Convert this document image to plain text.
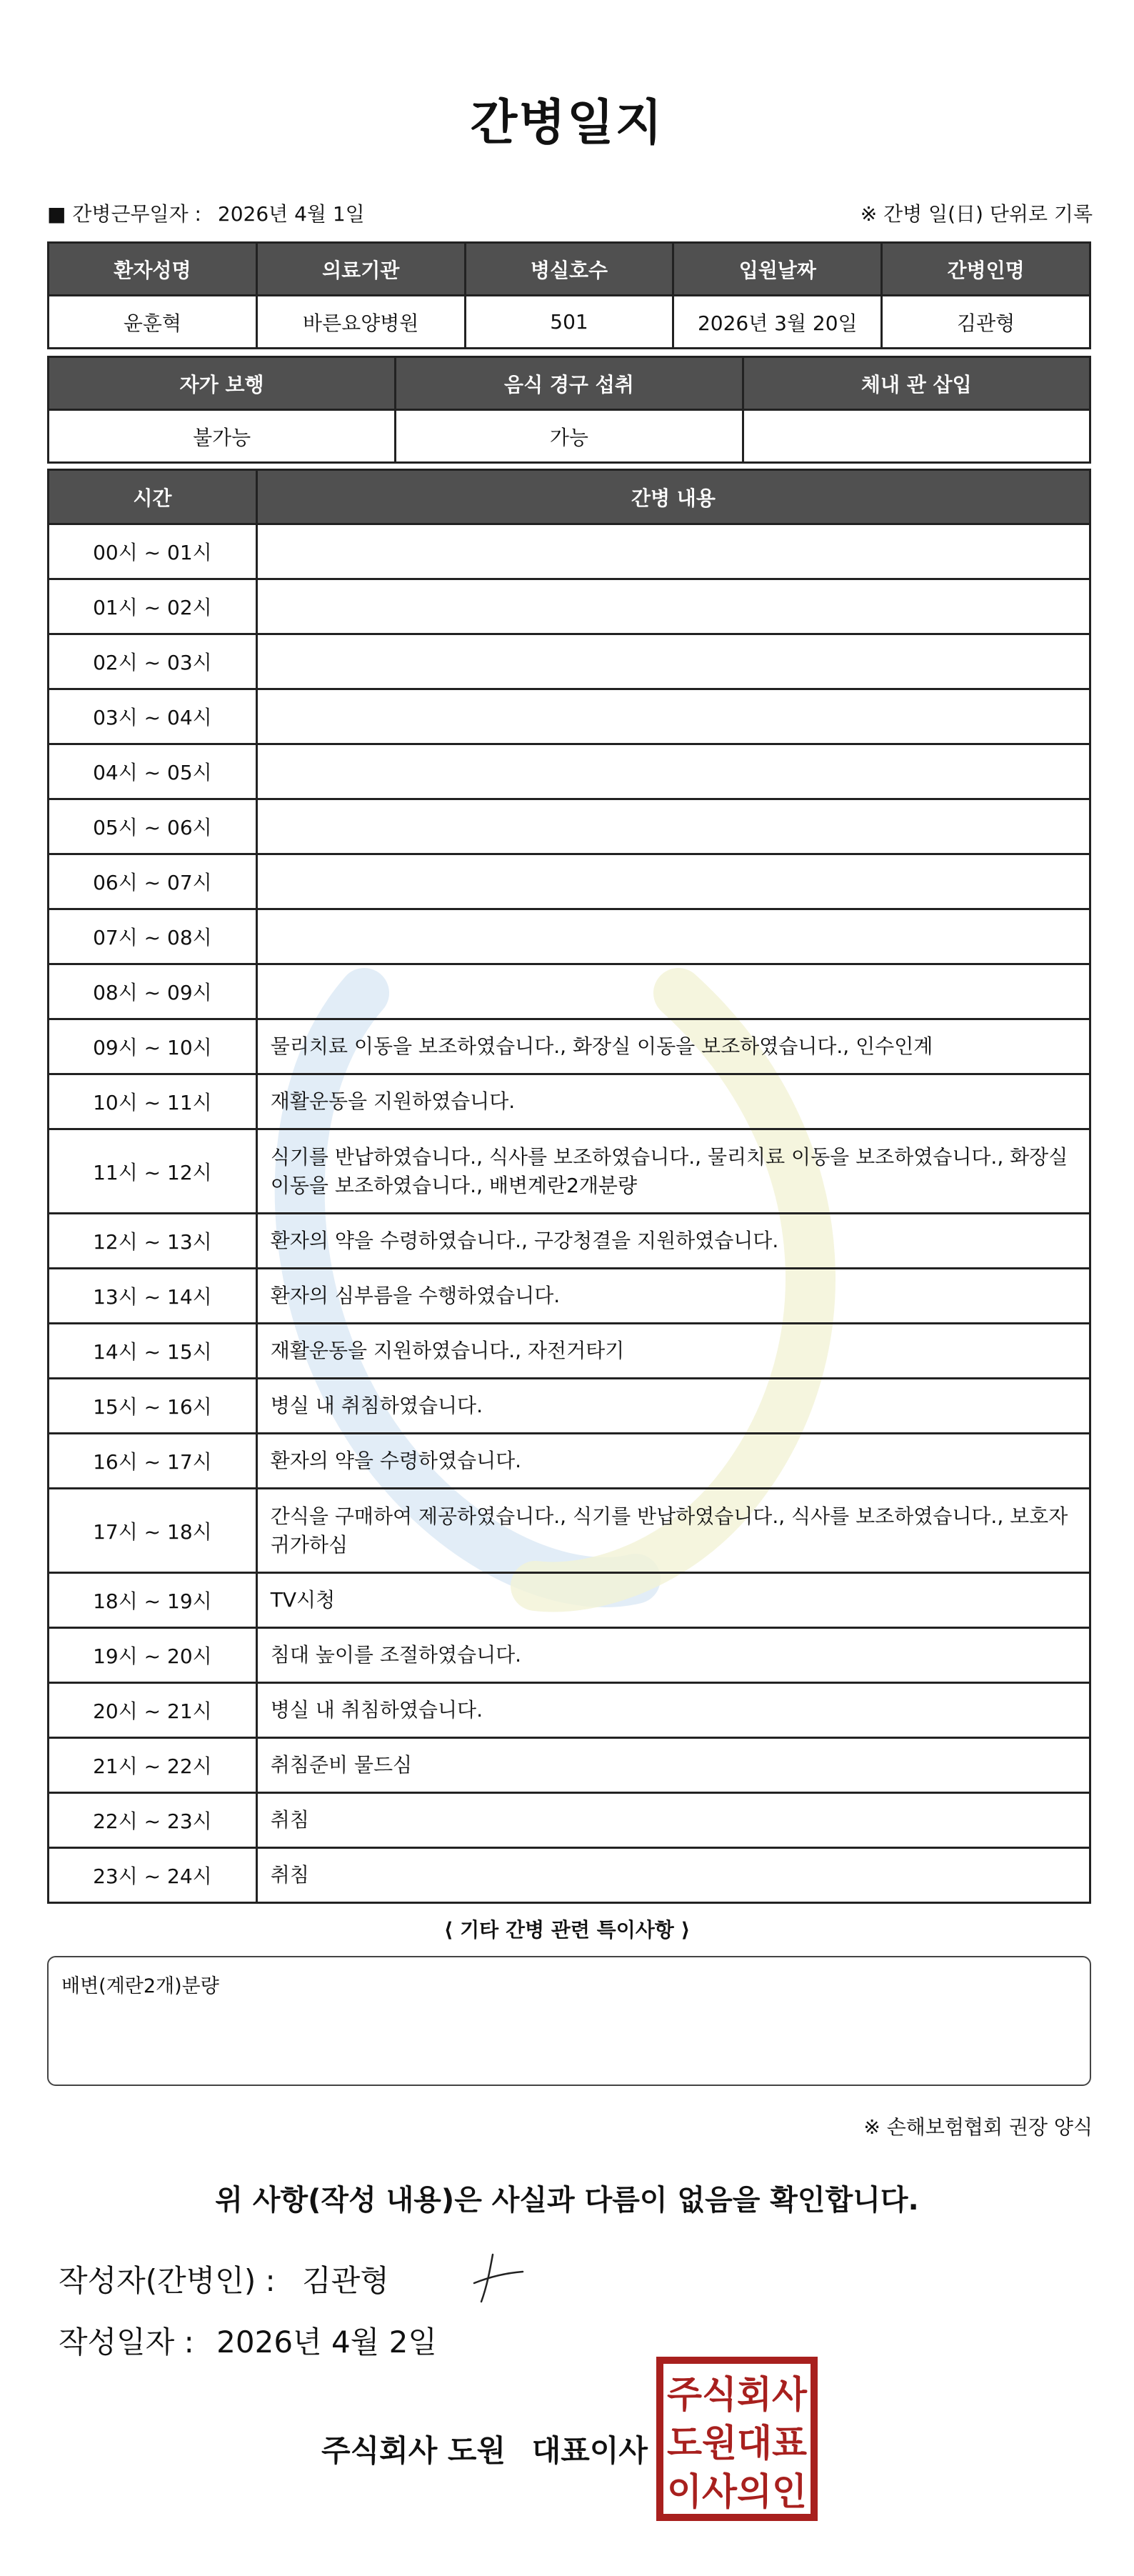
간병일지
■ 간병근무일자 : 2026년 4월 1일	※ 간병 일(日) 단위로 기록
환자성명	의료기관	병실호수	입원날짜	간병인명
윤훈혁	바른요양병원	501	2026년 3월 20일	김관형
자가 보행	음식 경구 섭취	체내 관 삽입
불가능	가능	
시간	간병 내용
00시 ~ 01시	
01시 ~ 02시	
02시 ~ 03시	
03시 ~ 04시	
04시 ~ 05시	
05시 ~ 06시	
06시 ~ 07시	
07시 ~ 08시	
08시 ~ 09시	
09시 ~ 10시	물리치료 이동을 보조하였습니다., 화장실 이동을 보조하였습니다., 인수인계
10시 ~ 11시	재활운동을 지원하였습니다.
11시 ~ 12시	식기를 반납하였습니다., 식사를 보조하였습니다., 물리치료 이동을 보조하였습니다., 화장실 이동을 보조하였습니다., 배변계란2개분량
12시 ~ 13시	환자의 약을 수령하였습니다., 구강청결을 지원하였습니다.
13시 ~ 14시	환자의 심부름을 수행하였습니다.
14시 ~ 15시	재활운동을 지원하였습니다., 자전거타기
15시 ~ 16시	병실 내 취침하였습니다.
16시 ~ 17시	환자의 약을 수령하였습니다.
17시 ~ 18시	간식을 구매하여 제공하였습니다., 식기를 반납하였습니다., 식사를 보조하였습니다., 보호자귀가하심
18시 ~ 19시	TV시청
19시 ~ 20시	침대 높이를 조절하였습니다.
20시 ~ 21시	병실 내 취침하였습니다.
21시 ~ 22시	취침준비 물드심
22시 ~ 23시	취침
23시 ~ 24시	취침
⟨ 기타 간병 관련 특이사항 ⟩
배변(계란2개)분량
※ 손해보험협회 권장 양식
위 사항(작성 내용)은 사실과 다름이 없음을 확인합니다.
작성자(간병인) : 김관형
작성일자 : 2026년 4월 2일
주식회사 도원 대표이사
주식회사
도원대표
이사의인
